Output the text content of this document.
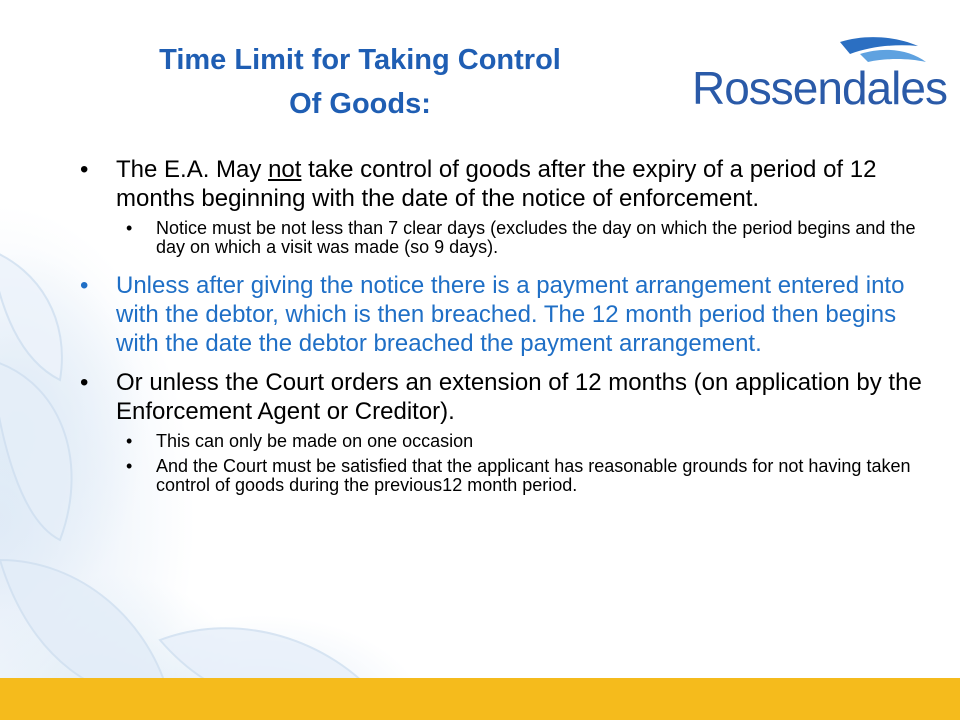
Time Limit for Taking Control
Of Goods:	Rossendales
• The E.A. May not take control of goods after the expiry of a period of 12 months beginning with the date of the notice of enforcement.
• Notice must be not less than 7 clear days (excludes the day on which the period begins and the day on which a visit was made (so 9 days).
• Unless after giving the notice there is a payment arrangement entered into with the debtor, which is then breached. The 12 month period then begins with the date the debtor breached the payment arrangement.
• Or unless the Court orders an extension of 12 months (on application by the Enforcement Agent or Creditor).
• This can only be made on one occasion
• And the Court must be satisfied that the applicant has reasonable grounds for not having taken control of goods during the previous12 month period.
